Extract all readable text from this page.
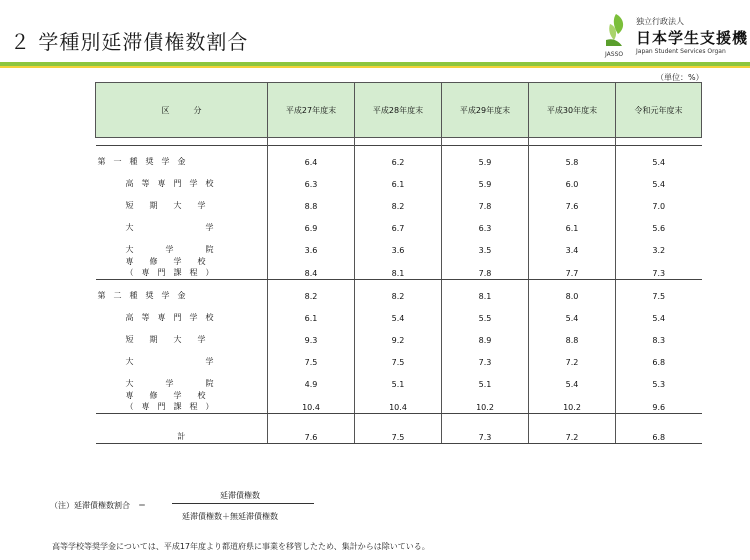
２ 学種別延滞債権数割合
独立行政法人
日本学生支援機
Japan Student Services Organ
JASSO
（単位：%）
区　　　分	平成27年度末	平成28年度末	平成29年度末	平成30年度末	令和元年度末

第　一　種　奨　学　金	6.4	6.2	5.9	5.8	5.4
高　等　専　門　学　校	6.3	6.1	5.9	6.0	5.4
短　　期　　大　　学	8.8	8.2	7.8	7.6	7.0
大　　　　　　　　　学	6.9	6.7	6.3	6.1	5.6
大　　　　学　　　　院	3.6	3.6	3.5	3.4	3.2

専　　修　　学　　校
（　専　門　課　程　）	8.4	8.1	7.8	7.7	7.3
第　二　種　奨　学　金	8.2	8.2	8.1	8.0	7.5
高　等　専　門　学　校	6.1	5.4	5.5	5.4	5.4
短　　期　　大　　学	9.3	9.2	8.9	8.8	8.3
大　　　　　　　　　学	7.5	7.5	7.3	7.2	6.8
大　　　　学　　　　院	4.9	5.1	5.1	5.4	5.3

専　　修　　学　　校
（　専　門　課　程　）	10.4	10.4	10.2	10.2	9.6

計	7.6	7.5	7.3	7.2	6.8
（注）延滞債権数割合　＝
延滞債権数
延滞債権数＋無延滞債権数
高等学校等奨学金については、平成17年度より都道府県に事業を移管したため、集計からは除いている。
